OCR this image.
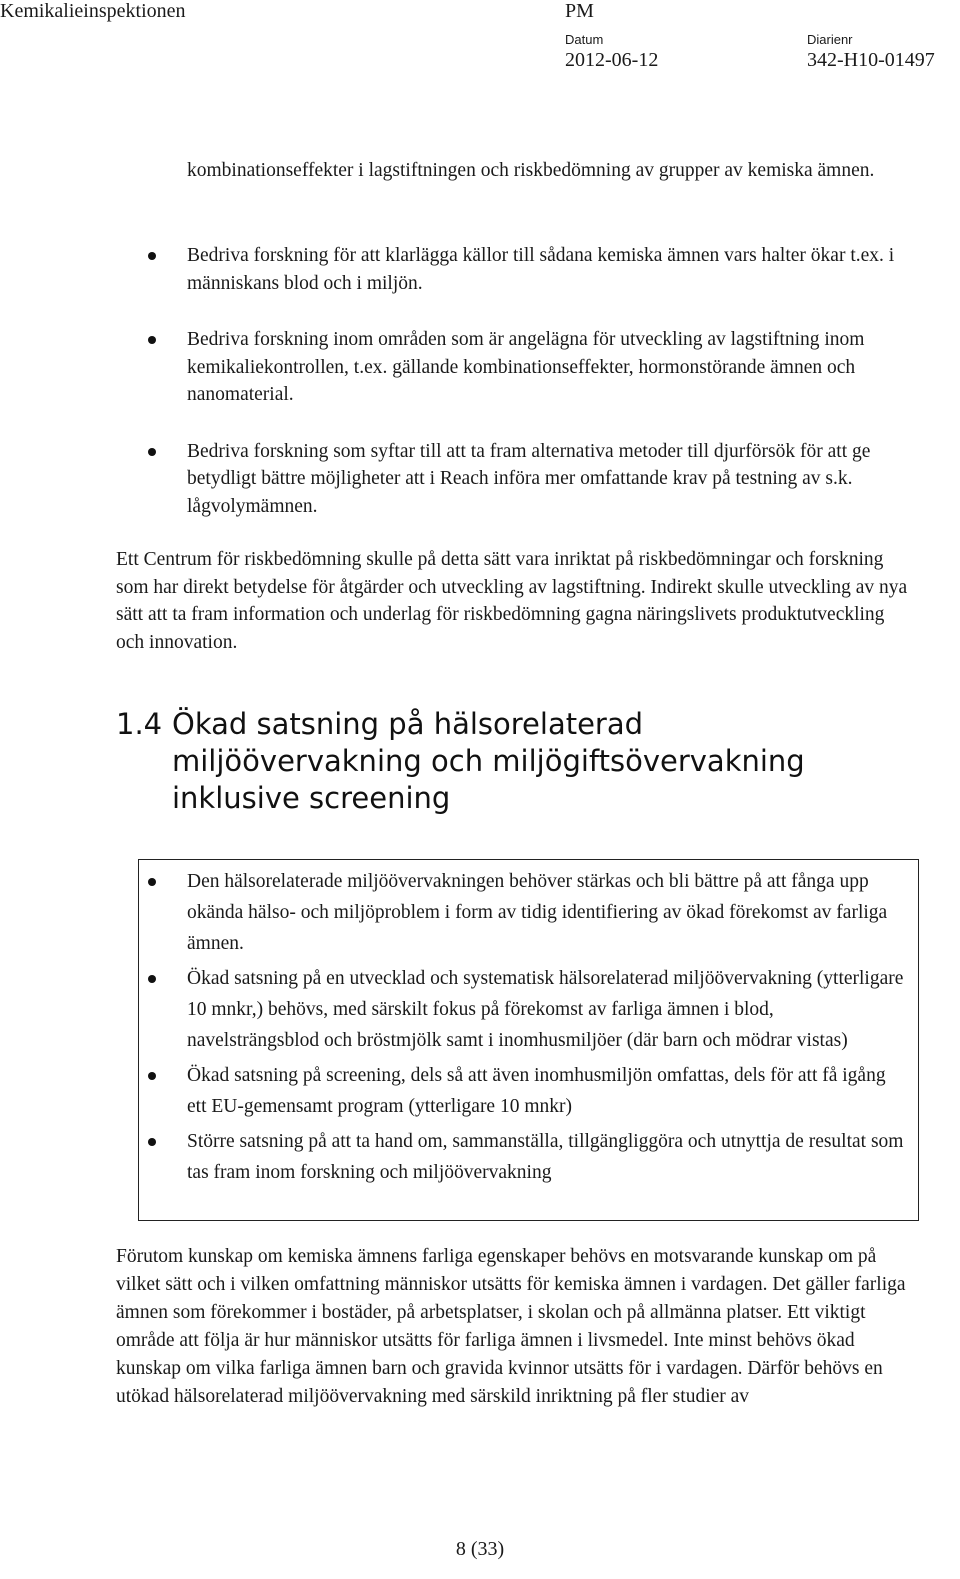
Kemikalieinspektionen	PM
Datum
2012-06-12
Diarienr
342-H10-01497
kombinationseffekter i lagstiftningen och riskbedömning av grupper av kemiska ämnen.
Bedriva forskning för att klarlägga källor till sådana kemiska ämnen vars halter ökar t.ex. i människans blod och i miljön.
Bedriva forskning inom områden som är angelägna för utveckling av lagstiftning inom kemikaliekontrollen, t.ex. gällande kombinationseffekter, hormonstörande ämnen och nanomaterial.
Bedriva forskning som syftar till att ta fram alternativa metoder till djurförsök för att ge betydligt bättre möjligheter att i Reach införa mer omfattande krav på testning av s.k. lågvolymämnen.
Ett Centrum för riskbedömning skulle på detta sätt vara inriktat på riskbedömningar och forskning som har direkt betydelse för åtgärder och utveckling av lagstiftning. Indirekt skulle utveckling av nya sätt att ta fram information och underlag för riskbedömning gagna näringslivets produktutveckling och innovation.
1.4 Ökad satsning på hälsorelaterad
miljöövervakning och miljögiftsövervakning
inklusive screening
Den hälsorelaterade miljöövervakningen behöver stärkas och bli bättre på att fånga upp okända hälso- och miljöproblem i form av tidig identifiering av ökad förekomst av farliga ämnen.
Ökad satsning på en utvecklad och systematisk hälsorelaterad miljöövervakning (ytterligare 10 mnkr,) behövs, med särskilt fokus på förekomst av farliga ämnen i blod, navelsträngsblod och bröstmjölk samt i inomhusmiljöer (där barn och mödrar vistas)
Ökad satsning på screening, dels så att även inomhusmiljön omfattas, dels för att få igång ett EU-gemensamt program (ytterligare 10 mnkr)
Större satsning på att ta hand om, sammanställa, tillgängliggöra och utnyttja de resultat som tas fram inom forskning och miljöövervakning
Förutom kunskap om kemiska ämnens farliga egenskaper behövs en motsvarande kunskap om på vilket sätt och i vilken omfattning människor utsätts för kemiska ämnen i vardagen. Det gäller farliga ämnen som förekommer i bostäder, på arbetsplatser, i skolan och på allmänna platser. Ett viktigt område att följa är hur människor utsätts för farliga ämnen i livsmedel. Inte minst behövs ökad kunskap om vilka farliga ämnen barn och gravida kvinnor utsätts för i vardagen. Därför behövs en utökad hälsorelaterad miljöövervakning med särskild inriktning på fler studier av
8 (33)
